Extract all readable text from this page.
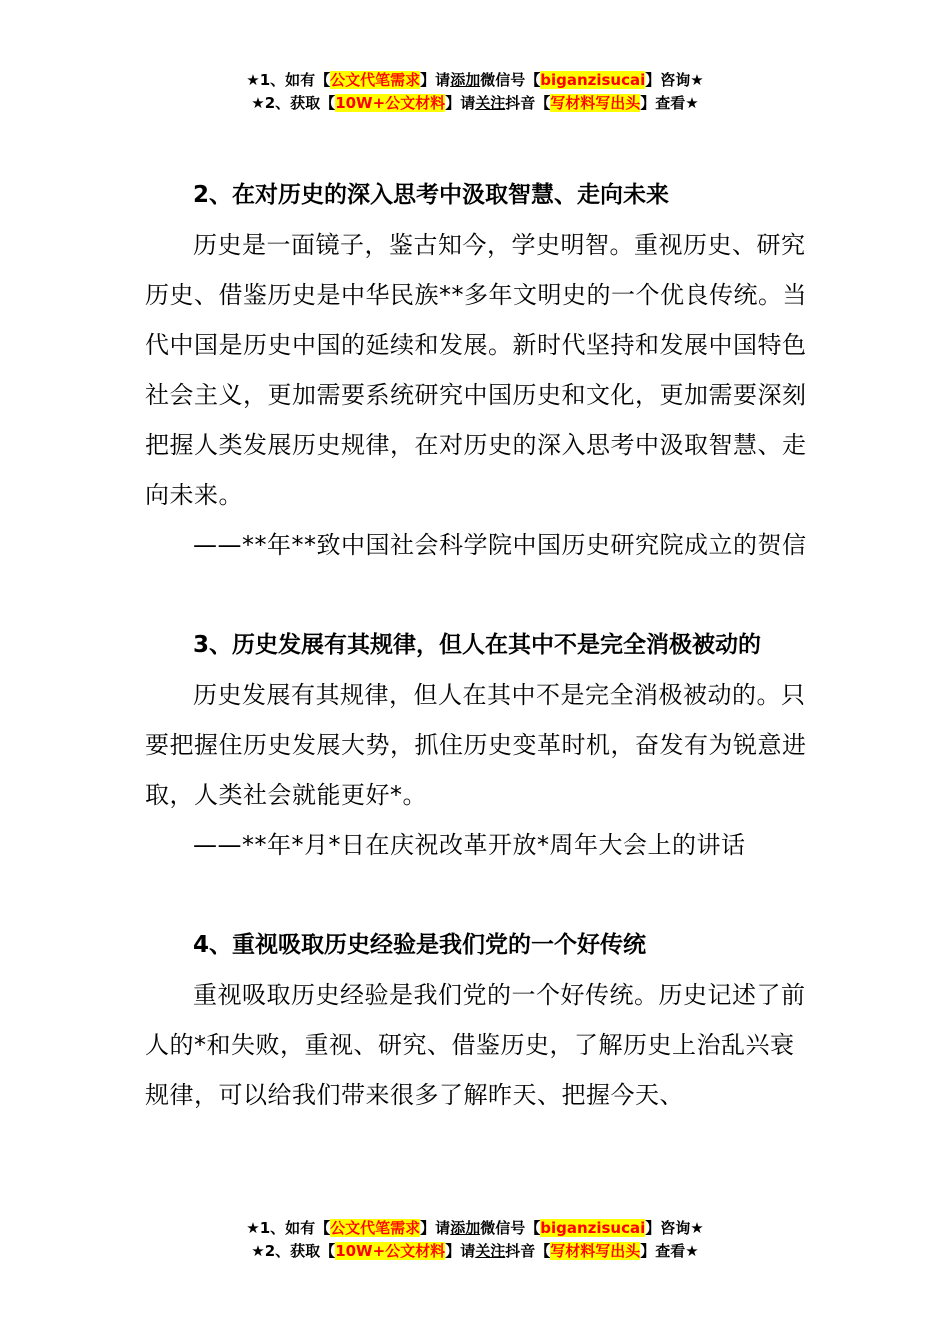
★1、如有【公文代笔需求】请添加微信号【biganzisucai】咨询★
★2、获取【10W+公文材料】请关注抖音【写材料写出头】查看★

2、在对历史的深入思考中汲取智慧、走向未来

历史是一面镜子，鉴古知今，学史明智。重视历史、研究历史、借鉴历史是中华民族**多年文明史的一个优良传统。当代中国是历史中国的延续和发展。新时代坚持和发展中国特色社会主义，更加需要系统研究中国历史和文化，更加需要深刻把握人类发展历史规律，在对历史的深入思考中汲取智慧、走向未来。

——**年**致中国社会科学院中国历史研究院成立的贺信

3、历史发展有其规律，但人在其中不是完全消极被动的

历史发展有其规律，但人在其中不是完全消极被动的。只要把握住历史发展大势，抓住历史变革时机，奋发有为锐意进取，人类社会就能更好*。

——**年*月*日在庆祝改革开放*周年大会上的讲话

4、重视吸取历史经验是我们党的一个好传统

重视吸取历史经验是我们党的一个好传统。历史记述了前人的*和失败，重视、研究、借鉴历史，了解历史上治乱兴衰规律，可以给我们带来很多了解昨天、把握今天、

★1、如有【公文代笔需求】请添加微信号【biganzisucai】咨询★
★2、获取【10W+公文材料】请关注抖音【写材料写出头】查看★
